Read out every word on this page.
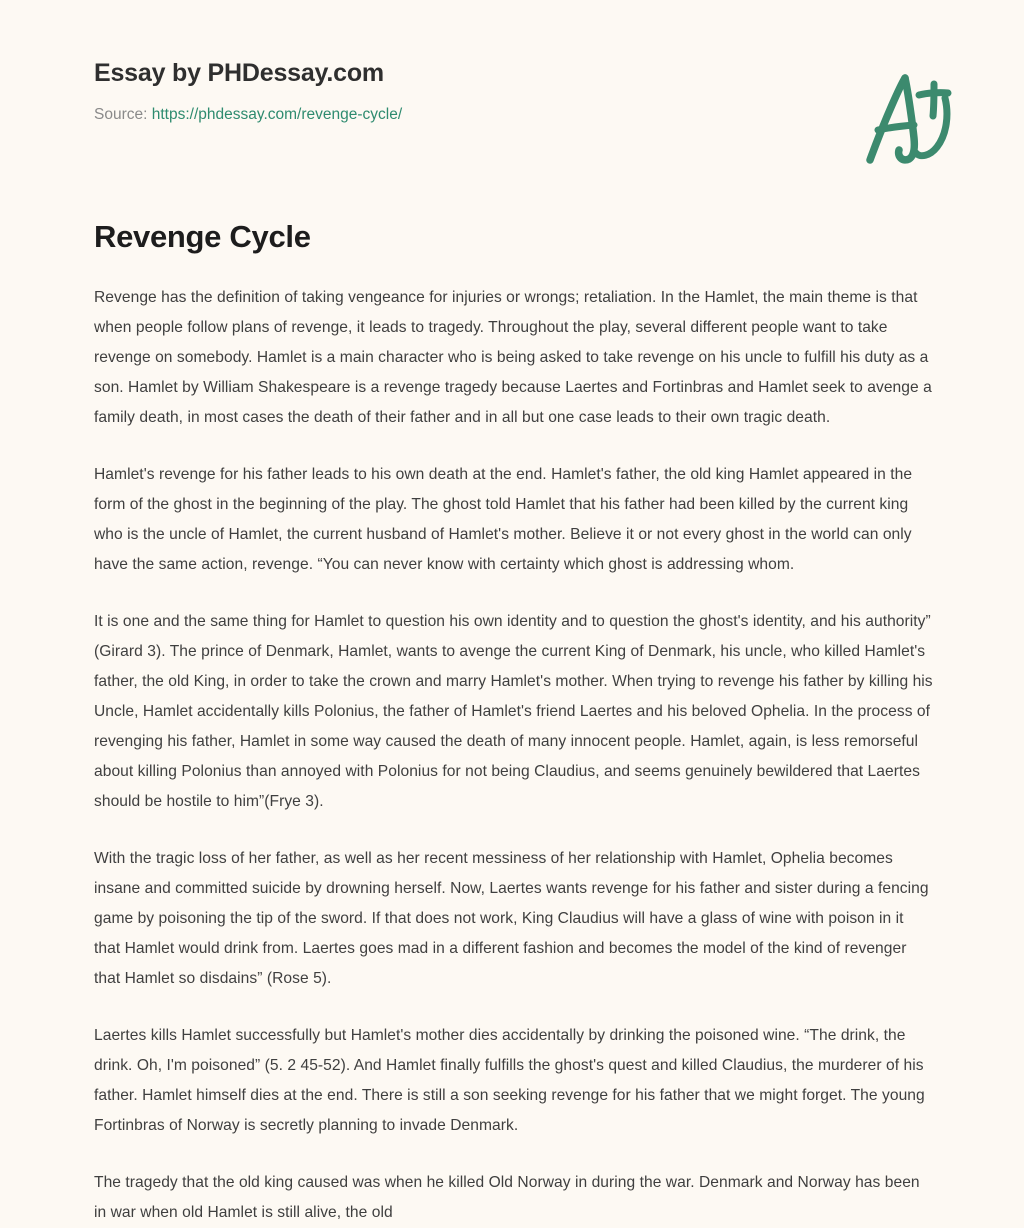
Essay by PHDessay.com
Source: https://phdessay.com/revenge-cycle/
Revenge Cycle

Revenge has the definition of taking vengeance for injuries or wrongs; retaliation. In the Hamlet, the main theme is that when people follow plans of revenge, it leads to tragedy. Throughout the play, several different people want to take revenge on somebody. Hamlet is a main character who is being asked to take revenge on his uncle to fulfill his duty as a son. Hamlet by William Shakespeare is a revenge tragedy because Laertes and Fortinbras and Hamlet seek to avenge a family death, in most cases the death of their father and in all but one case leads to their own tragic death.

Hamlet's revenge for his father leads to his own death at the end. Hamlet's father, the old king Hamlet appeared in the form of the ghost in the beginning of the play. The ghost told Hamlet that his father had been killed by the current king who is the uncle of Hamlet, the current husband of Hamlet's mother. Believe it or not every ghost in the world can only have the same action, revenge. “You can never know with certainty which ghost is addressing whom.

It is one and the same thing for Hamlet to question his own identity and to question the ghost's identity, and his authority” (Girard 3). The prince of Denmark, Hamlet, wants to avenge the current King of Denmark, his uncle, who killed Hamlet's father, the old King, in order to take the crown and marry Hamlet's mother. When trying to revenge his father by killing his Uncle, Hamlet accidentally kills Polonius, the father of Hamlet's friend Laertes and his beloved Ophelia. In the process of revenging his father, Hamlet in some way caused the death of many innocent people. Hamlet, again, is less remorseful about killing Polonius than annoyed with Polonius for not being Claudius, and seems genuinely bewildered that Laertes should be hostile to him”(Frye 3).

With the tragic loss of her father, as well as her recent messiness of her relationship with Hamlet, Ophelia becomes insane and committed suicide by drowning herself. Now, Laertes wants revenge for his father and sister during a fencing game by poisoning the tip of the sword. If that does not work, King Claudius will have a glass of wine with poison in it that Hamlet would drink from. Laertes goes mad in a different fashion and becomes the model of the kind of revenger that Hamlet so disdains” (Rose 5).

Laertes kills Hamlet successfully but Hamlet's mother dies accidentally by drinking the poisoned wine. “The drink, the drink. Oh, I'm poisoned” (5. 2 45-52). And Hamlet finally fulfills the ghost's quest and killed Claudius, the murderer of his father. Hamlet himself dies at the end. There is still a son seeking revenge for his father that we might forget. The young Fortinbras of Norway is secretly planning to invade Denmark.

The tragedy that the old king caused was when he killed Old Norway in during the war. Denmark and Norway has been in war when old Hamlet is still alive, the old
